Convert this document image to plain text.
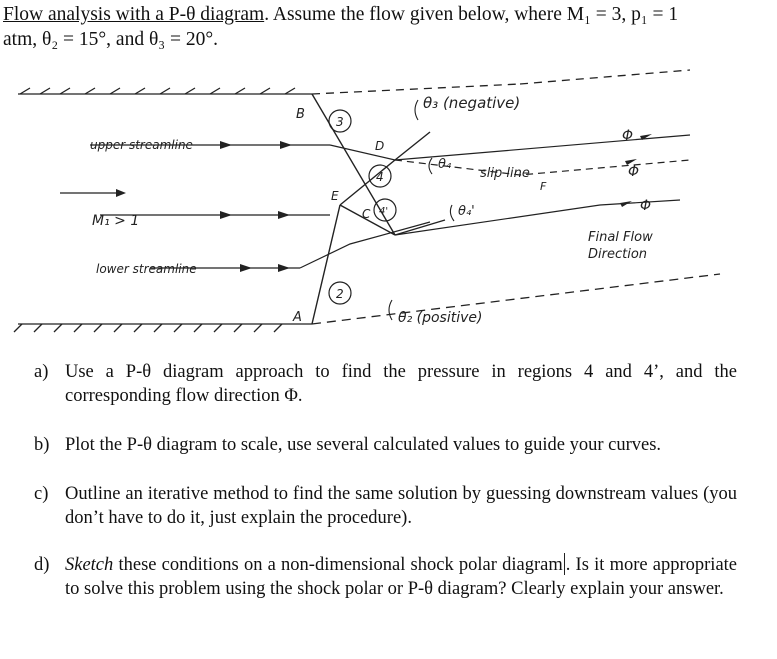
Flow analysis with a P-θ diagram. Assume the flow given below, where M₁ = 3, p₁ = 1
atm, θ₂ = 15°, and θ₃ = 20°.

B	3
θ₃ (negative)
D
θ₄
4	slip line
F
Φ
Φ
Φ
E
C 4'	θ₄'
Final Flow
Direction
upper streamline
M₁ > 1
lower streamline
A
2
θ₂ (positive)
a) Use a P-θ diagram approach to find the pressure in regions 4 and 4’, and the corresponding flow direction Φ.
b) Plot the P-θ diagram to scale, use several calculated values to guide your curves.
c) Outline an iterative method to find the same solution by guessing downstream values (you don’t have to do it, just explain the procedure).
d) Sketch these conditions on a non-dimensional shock polar diagram . Is it more appropriate to solve this problem using the shock polar or P-θ diagram? Clearly explain your answer.
